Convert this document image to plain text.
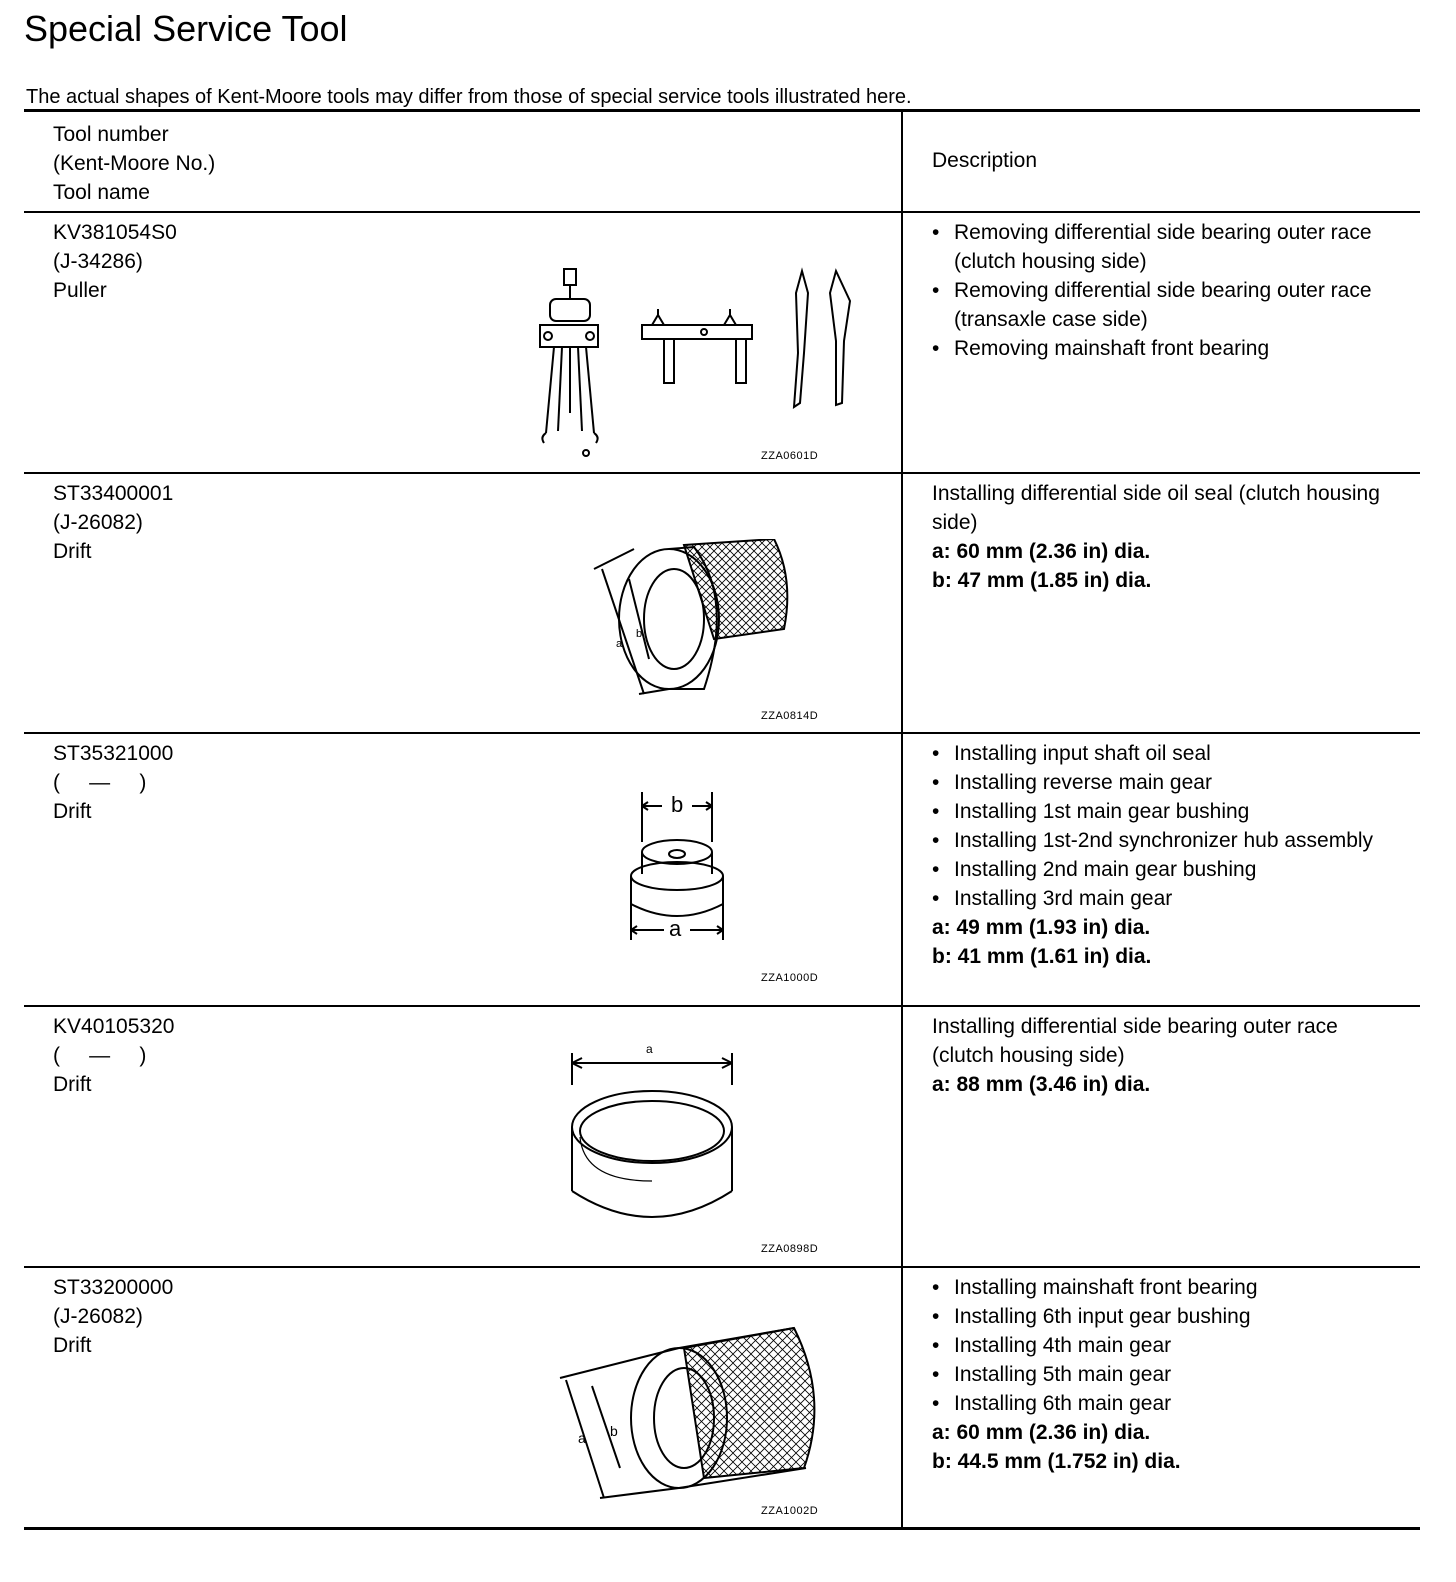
Special Service Tool
The actual shapes of Kent-Moore tools may differ from those of special service tools illustrated here.
Tool number
(Kent-Moore No.)
Tool name
Description
KV381054S0
(J-34286)
Puller
ZZA0601D
• Removing differential side bearing outer race (clutch housing side)
• Removing differential side bearing outer race (transaxle case side)
• Removing mainshaft front bearing
ST33400001
(J-26082)
Drift
a
b
ZZA0814D

Installing differential side oil seal (clutch housing side)

a: 60 mm (2.36 in) dia.

b: 47 mm (1.85 in) dia.

ST35321000
(     —     )
Drift	b
a
ZZA1000D
• Installing input shaft oil seal
• Installing reverse main gear
• Installing 1st main gear bushing
• Installing 1st-2nd synchronizer hub assembly
• Installing 2nd main gear bushing
• Installing 3rd main gear

a: 49 mm (1.93 in) dia.

b: 41 mm (1.61 in) dia.

KV40105320
(     —     )
Drift
a
ZZA0898D

Installing differential side bearing outer race (clutch housing side)

a: 88 mm (3.46 in) dia.

ST33200000
(J-26082)
Drift
a b
ZZA1002D
• Installing mainshaft front bearing
• Installing 6th input gear bushing
• Installing 4th main gear
• Installing 5th main gear
• Installing 6th main gear

a: 60 mm (2.36 in) dia.

b: 44.5 mm (1.752 in) dia.
